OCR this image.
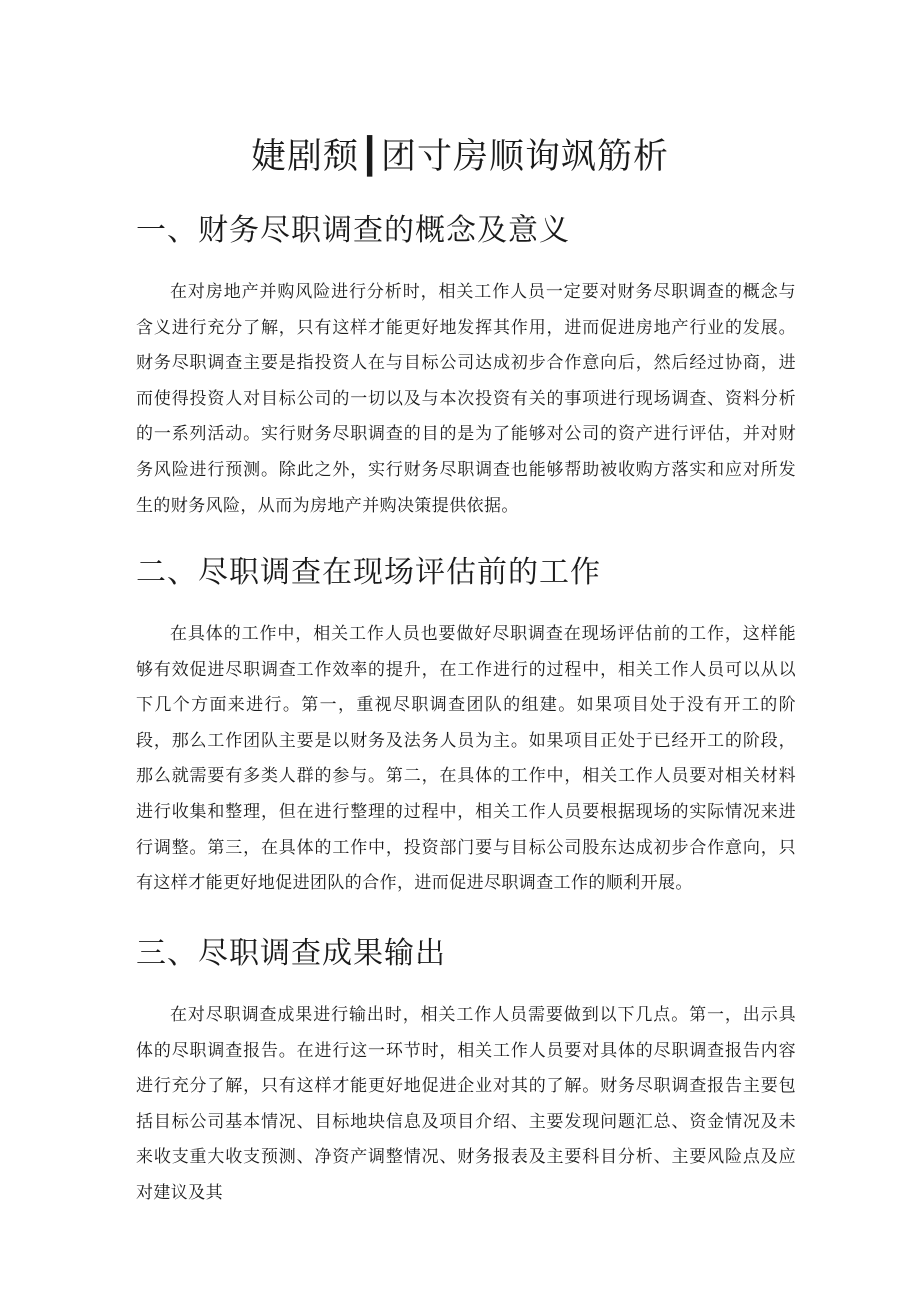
婕剧颓┃团寸房顺询飒筋析
一、财务尽职调查的概念及意义

在对房地产并购风险进行分析时，相关工作人员一定要对财务尽职调查的概念与含义进行充分了解，只有这样才能更好地发挥其作用，进而促进房地产行业的发展。财务尽职调查主要是指投资人在与目标公司达成初步合作意向后，然后经过协商，进而使得投资人对目标公司的一切以及与本次投资有关的事项进行现场调查、资料分析的一系列活动。实行财务尽职调查的目的是为了能够对公司的资产进行评估，并对财务风险进行预测。除此之外，实行财务尽职调查也能够帮助被收购方落实和应对所发生的财务风险，从而为房地产并购决策提供依据。

二、尽职调查在现场评估前的工作

在具体的工作中，相关工作人员也要做好尽职调查在现场评估前的工作，这样能够有效促进尽职调查工作效率的提升，在工作进行的过程中，相关工作人员可以从以下几个方面来进行。第一，重视尽职调查团队的组建。如果项目处于没有开工的阶段，那么工作团队主要是以财务及法务人员为主。如果项目正处于已经开工的阶段，那么就需要有多类人群的参与。第二，在具体的工作中，相关工作人员要对相关材料进行收集和整理，但在进行整理的过程中，相关工作人员要根据现场的实际情况来进行调整。第三，在具体的工作中，投资部门要与目标公司股东达成初步合作意向，只有这样才能更好地促进团队的合作，进而促进尽职调查工作的顺利开展。

三、尽职调查成果输出

在对尽职调查成果进行输出时，相关工作人员需要做到以下几点。第一，出示具体的尽职调查报告。在进行这一环节时，相关工作人员要对具体的尽职调查报告内容进行充分了解，只有这样才能更好地促进企业对其的了解。财务尽职调查报告主要包括目标公司基本情况、目标地块信息及项目介绍、主要发现问题汇总、资金情况及未来收支重大收支预测、净资产调整情况、财务报表及主要科目分析、主要风险点及应对建议及其
